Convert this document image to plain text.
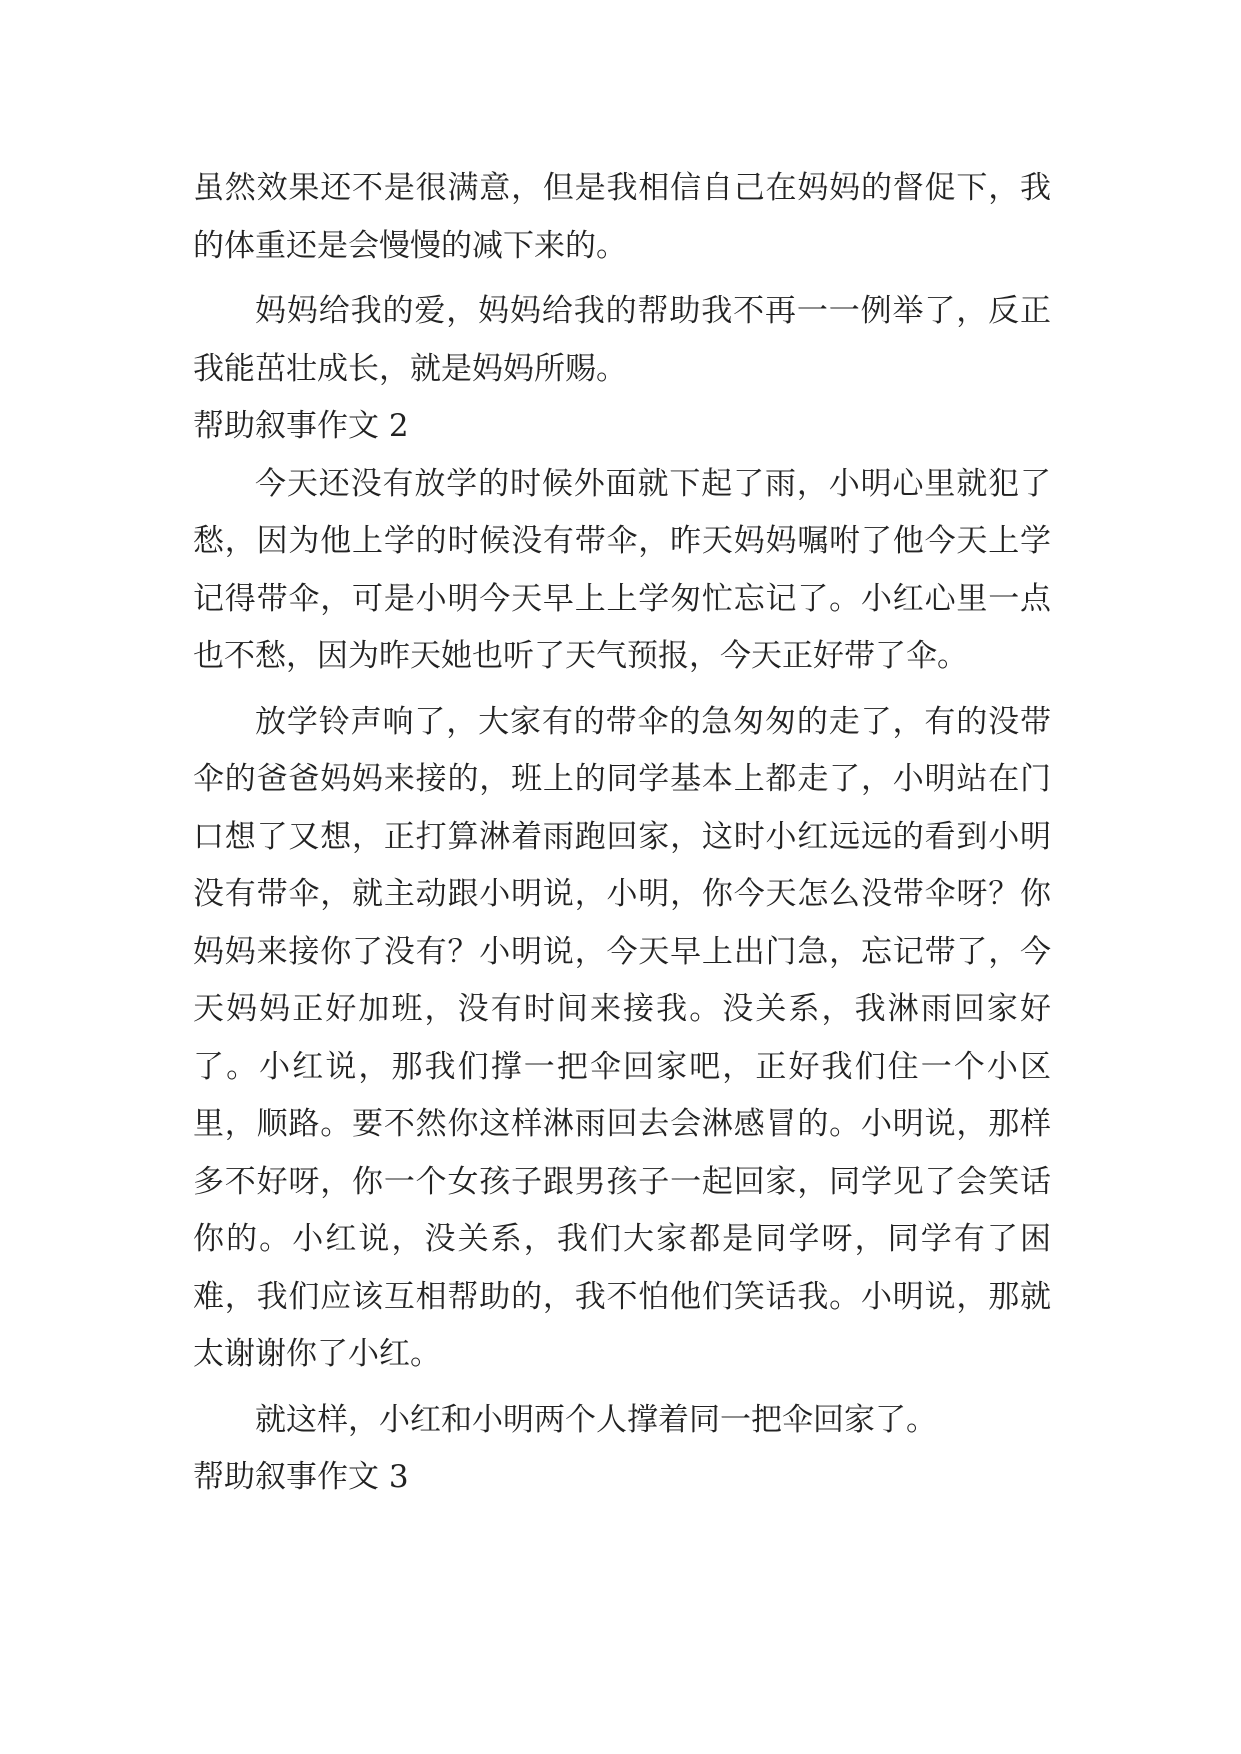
虽然效果还不是很满意，但是我相信自己在妈妈的督促下，我的体重还是会慢慢的减下来的。

妈妈给我的爱，妈妈给我的帮助我不再一一例举了，反正我能茁壮成长，就是妈妈所赐。

帮助叙事作文 2

今天还没有放学的时候外面就下起了雨，小明心里就犯了愁，因为他上学的时候没有带伞，昨天妈妈嘱咐了他今天上学记得带伞，可是小明今天早上上学匆忙忘记了。小红心里一点也不愁，因为昨天她也听了天气预报，今天正好带了伞。

放学铃声响了，大家有的带伞的急匆匆的走了，有的没带伞的爸爸妈妈来接的，班上的同学基本上都走了，小明站在门口想了又想，正打算淋着雨跑回家，这时小红远远的看到小明没有带伞，就主动跟小明说，小明，你今天怎么没带伞呀？你妈妈来接你了没有？小明说，今天早上出门急，忘记带了，今天妈妈正好加班，没有时间来接我。没关系，我淋雨回家好了。小红说，那我们撑一把伞回家吧，正好我们住一个小区里，顺路。要不然你这样淋雨回去会淋感冒的。小明说，那样多不好呀，你一个女孩子跟男孩子一起回家，同学见了会笑话你的。小红说，没关系，我们大家都是同学呀，同学有了困难，我们应该互相帮助的，我不怕他们笑话我。小明说，那就太谢谢你了小红。

就这样，小红和小明两个人撑着同一把伞回家了。

帮助叙事作文 3
